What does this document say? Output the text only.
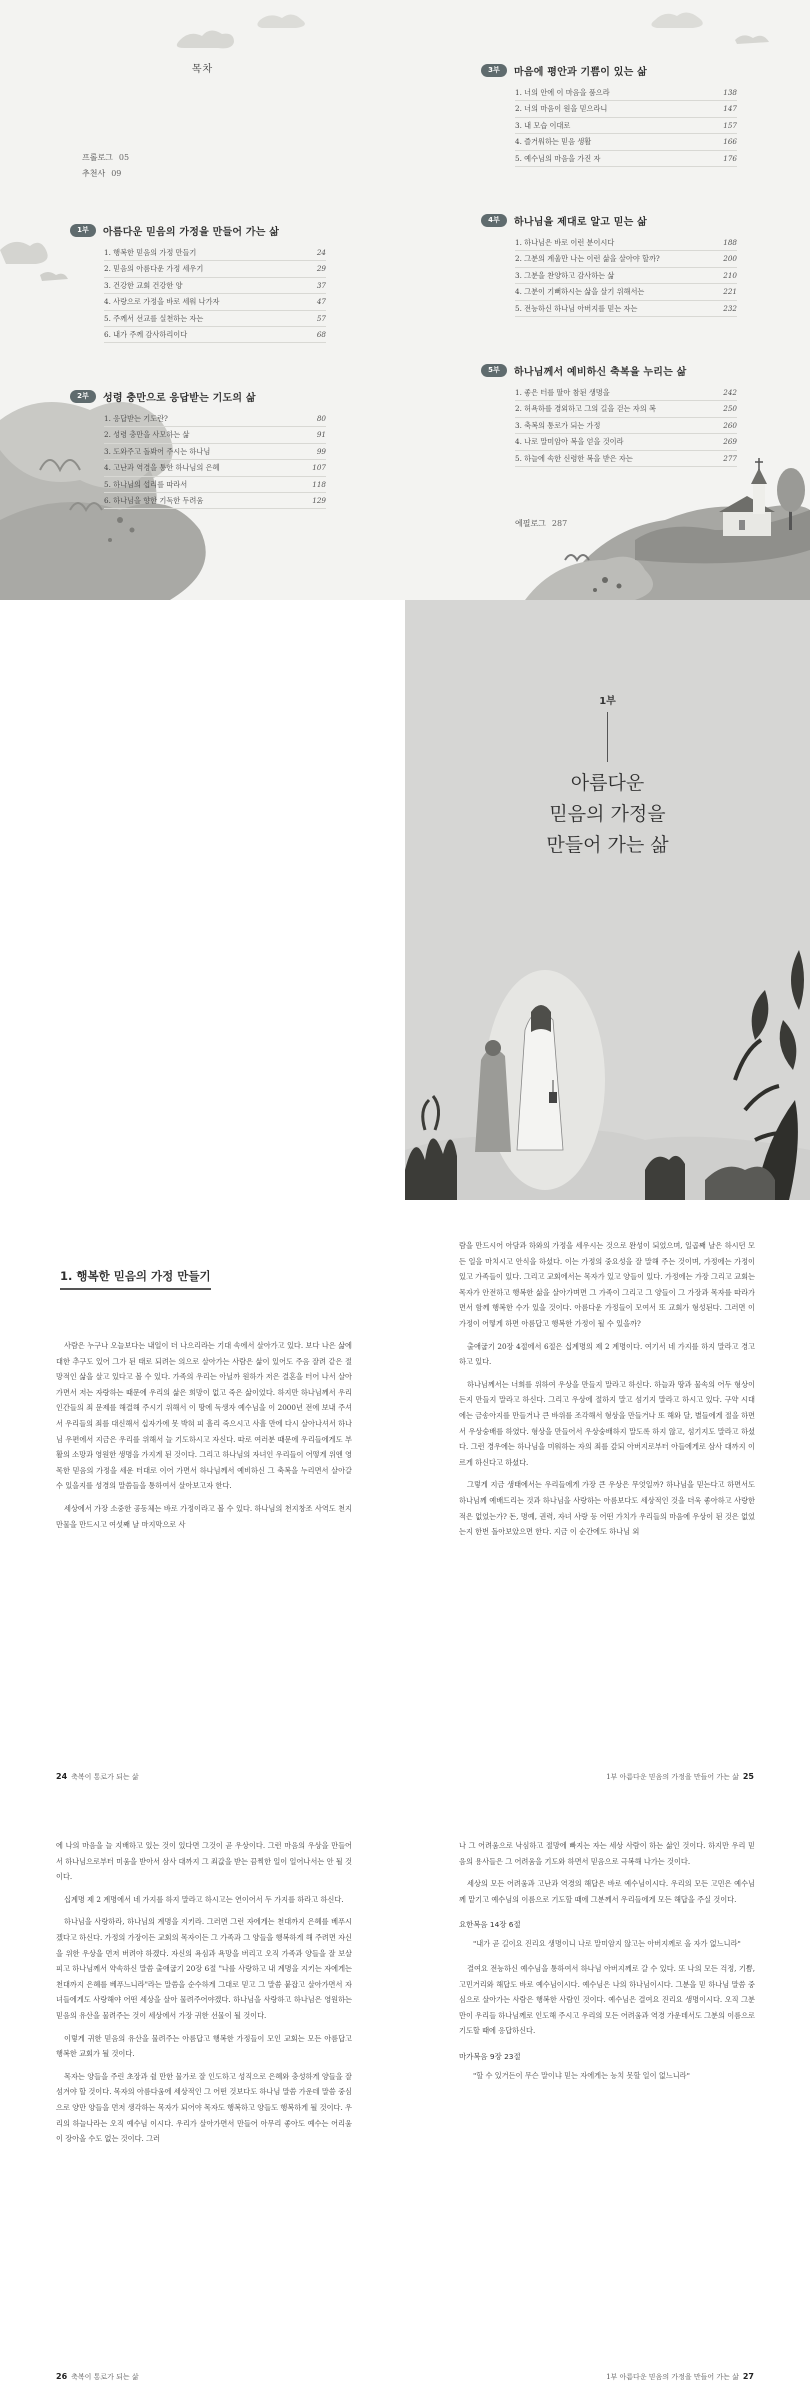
목차
프롤로그 05
추천사 09
1부	아름다운 믿음의 가정을 만들어 가는 삶
1. 행복한 믿음의 가정 만들기	24
2. 믿음의 아름다운 가정 세우기	29
3. 건강한 교회 건강한 양	37
4. 사랑으로 가정을 바로 세워 나가자	47
5. 주께서 선교를 실천하는 자는	57
6. 내가 주께 감사하리이다	68
2부	성령 충만으로 응답받는 기도의 삶
1. 응답받는 기도란?	80
2. 성령 충만을 사모하는 삶	91
3. 도와주고 돌봐어 주시는 하나님	99
4. 고난과 역경을 통한 하나님의 은혜	107
5. 하나님의 섭리를 따라서	118
6. 하나님을 향한 기독한 두려움	129
3부	마음에 평안과 기쁨이 있는 삶
1. 너의 안에 이 마음을 품으라	138
2. 너의 마음이 원을 믿으라니	147
3. 내 모습 이대로	157
4. 즐거워하는 믿음 생활	166
5. 예수님의 마음을 가진 자	176
4부	하나님을 제대로 알고 믿는 삶
1. 하나님은 바로 이런 분이시다	188
2. 그분의 계울만 나는 이런 삶을 살아야 할까?	200
3. 그분을 찬양하고 감사하는 삶	210
4. 그분이 기뻐하시는 삶을 살기 위해서는	221
5. 전능하신 하나님 아버지를 믿는 자는	232
5부	하나님께서 예비하신 축복을 누리는 삶
1. 좋은 터를 딸아 참된 생명을	242
2. 허욕하를 경외하고 그의 길을 걷는 자의 복	250
3. 축복의 통로가 되는 가정	260
4. 나로 말미암아 복을 얻을 것이라	269
5. 하늘에 속한 신령한 복을 받은 자는	277
에필로그 287
1부
아름다운
믿음의 가정을
만들어 가는 삶
1. 행복한 믿음의 가정 만들기

사람은 누구나 오늘보다는 내일이 더 나으리라는 기대 속에서 살아가고 있다. 보다 나은 삶에 대한 추구도 있어 그가 된 태로 되려는 의으로 살아가는 사람은 삶이 있어도 주음 잘려 같은 절망적인 삶을 살고 있다고 볼 수 있다. 가족의 우리는 아닐까 원하가 저은 결혼을 터어 나서 살아가면서 저는 자랑하는 때문에 우리의 삶은 희망이 없고 죽은 삶이었다. 하지만 하나님께서 우리 인간들의 죄 문제를 해결해 주시기 위해서 이 땅에 독생자 예수님을 이 2000년 전에 보내 주셔서 우리들의 죄를 대신해서 십자가에 못 박혀 피 흘리 죽으시고 사흘 만에 다시 살아나셔서 하나님 우편에서 지금은 우리를 위해서 늘 기도하시고 자신다. 따로 여러분 때문에 우리들에게도 부활의 소망과 영원한 생명을 가지게 된 것이다. 그리고 하나님의 자녀인 우리들이 어떻게 위엔 영 목한 믿음의 가정을 세운 터대로 이어 가면서 하나님께서 예비하신 그 축복을 누리면서 살아갈 수 있을지를 성경의 말씀들을 통하여서 살아보고자 한다.

세상에서 가장 소중한 공동체는 바로 가정이라고 볼 수 있다. 하나님의 천지창조 사역도 천지 만물을 만드시고 여섯째 날 마지막으로 사

24 축복이 통로가 되는 삶

람을 만드시어 아담과 하와의 가정을 세우시는 것으로 완성이 되었으며, 일곱째 날은 하시던 모든 일을 마치시고 안식을 하셨다. 이는 가정의 중요성을 잘 말해 주는 것이며, 가정에는 가정이 있고 가족들이 있다. 그리고 교회에서는 목자가 있고 양들이 있다. 가정에는 가장 그리고 교회는 목자가 안전하고 행복한 삶을 살아가며면 그 가족이 그리고 그 양들이 그 가장과 목자를 따라가면서 함께 행복한 수가 있을 것이다. 아름다운 가정들이 모여서 또 교회가 형성된다. 그러면 이 가정이 어떻게 하면 아름답고 행복한 가정이 될 수 있을까?

출애굽기 20장 4절에서 6절은 십계명의 제 2 계명이다. 여기서 네 가지를 하지 말라고 경고하고 있다.

하나님께서는 너희를 위하여 우상을 만들지 말라고 하신다. 하늘과 땅과 물속의 어두 형상이든지 만들지 말라고 하신다. 그리고 우상에 절하지 말고 섬기지 말라고 하시고 있다. 구약 시대에는 금송아지를 만들거나 큰 바위를 조각해서 형상을 만들거나 또 해와 달, 별들에게 절을 하면서 우상숭배를 하였다. 형상을 만들어서 우상숭배하지 말도록 하지 않고, 섬기지도 말라고 하셨다. 그런 경우에는 하나님을 미워하는 자의 죄를 갚되 아버지로부터 아들에게로 삼사 대까지 이르게 하신다고 하셨다.

그렇게 지금 생태에서는 우리들에게 가장 큰 우상은 무엇일까? 하나님을 믿는다고 하면서도 하나님께 예배드리는 것과 하나님을 사랑하는 아름보다도 세상적인 것을 더욱 좋아하고 사랑한 적은 없었는가? 돈, 명예, 권력, 자녀 사랑 등 어떤 가치가 우리들의 마음에 우상이 된 것은 없었는지 한번 돌아보았으면 한다. 지금 이 순간에도 하나님 외

1부 아름다운 믿음의 가정을 만들어 가는 삶 25

에 나의 마음을 늘 지배하고 있는 것이 있다면 그것이 곧 우상이다. 그런 마음의 우상을 만들어서 하나님으로부터 미움을 받아서 삼사 대까지 그 죄값을 받는 끔찍한 일이 일어나서는 안 될 것이다.

십계명 제 2 계명에서 네 가지를 하지 말라고 하시고는 연이어서 두 가지를 하라고 하신다.

하나님을 사랑하라, 하나님의 계명을 지키라. 그러면 그런 자에게는 천대까지 은혜를 베푸시겠다고 하신다. 가정의 가장이든 교회의 목자이든 그 가족과 그 양들을 행복하게 해 주려면 자신을 위한 우상을 먼저 버려야 하겠다. 자신의 욕심과 욕망을 버리고 오직 가족과 양들을 잘 보살피고 하나님께서 약속하신 말씀 출애굽기 20장 6절 "나를 사랑하고 내 계명을 지키는 자에게는 천대까지 은혜를 베푸느니라"라는 말씀을 순수하게 그대로 믿고 그 말씀 붙잡고 살아가면서 자녀들에게도 사랑해야 어떤 세상을 살아 물려주어야겠다. 하나님을 사랑하고 하나님은 영원하는 믿음의 유산을 물려주는 것이 세상에서 가장 귀한 선물이 될 것이다.

이렇게 귀한 믿음의 유산을 물려주는 아름답고 행복한 가정들이 모인 교회는 모든 아름답고 행복한 교회가 될 것이다.

목자는 양들을 주린 초장과 쉴 만한 물가로 잘 인도하고 성직으로 은혜와 충성하게 양들을 잘 섬겨야 할 것이다. 목자의 아름다움에 세상적인 그 어떤 것보다도 하나님 말씀 가운데 말씀 중심으로 양만 양들을 먼저 생각하는 목자가 되어야 목자도 행복하고 양들도 행복하게 될 것이다. 우리의 하늘나라는 오직 예수님 이시다. 우리가 살아가면서 만들어 아무리 좋아도 예수는 어리움이 장아올 수도 없는 것이다. 그러

26 축복이 통로가 되는 삶

나 그 어려움으로 낙심하고 절망에 빠지는 자는 세상 사람이 하는 삶인 것이다. 하지만 우리 믿음의 용사들은 그 어려움을 기도와 하면서 믿음으로 극복해 나가는 것이다.

세상의 모든 어려움과 고난과 역경의 해답은 바로 예수님이시다. 우리의 모든 고민은 예수님께 맡기고 예수님의 이름으로 기도할 때에 그분께서 우리들에게 모든 해답을 주실 것이다.

요한복음 14장 6절
"내가 곧 길이요 진리요 생명이니 나로 말미암지 않고는 아버지께로 올 자가 없느니라"

결여요 전능하신 예수님을 통하여서 하나님 아버지께로 갈 수 있다. 또 나의 모든 걱정, 기쁨, 고민거리와 해답도 바로 예수님이시다. 예수님은 나의 하나님이시다. 그분을 믿 하나님 말씀 중심으로 살아가는 사람은 행복한 사람인 것이다. 예수님은 결여요 진리요 생명이시다. 오직 그분만이 우리들 하나님께로 인도해 주시고 우리의 모든 어려움과 역경 가운데서도 그분의 이름으로 기도할 때에 응답하신다.

마가복음 9장 23절
"할 수 있거든이 무슨 말이냐 믿는 자에게는 능치 못할 일이 없느니라"
1부 아름다운 믿음의 가정을 만들어 가는 삶 27
